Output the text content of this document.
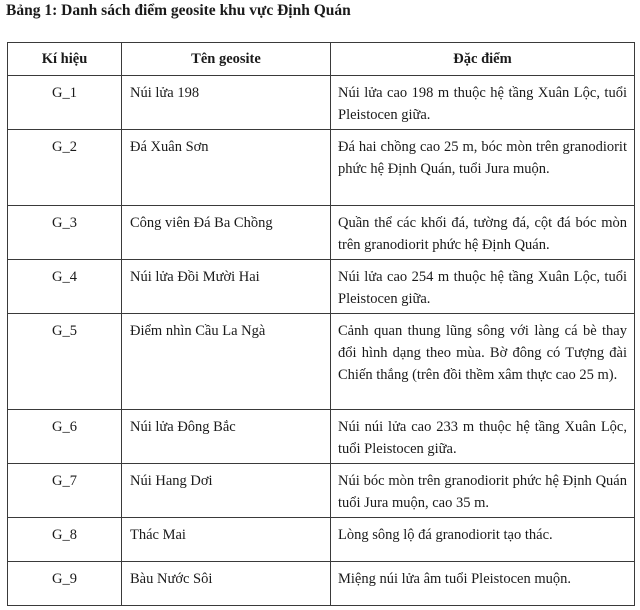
Bảng 1: Danh sách điểm geosite khu vực Định Quán
Kí hiệu	Tên geosite	Đặc điểm
G_1	Núi lửa 198	Núi lửa cao 198 m thuộc hệ tầng Xuân Lộc, tuổi Pleistocen giữa.
G_2	Đá Xuân Sơn	Đá hai chồng cao 25 m, bóc mòn trên granodiorit phức hệ Định Quán, tuổi Jura muộn.
G_3	Công viên Đá Ba Chồng	Quần thể các khối đá, tường đá, cột đá bóc mòn trên granodiorit phức hệ Định Quán.
G_4	Núi lửa Đồi Mười Hai	Núi lửa cao 254 m thuộc hệ tầng Xuân Lộc, tuổi Pleistocen giữa.
G_5	Điểm nhìn Cầu La Ngà	Cảnh quan thung lũng sông với làng cá bè thay đổi hình dạng theo mùa. Bờ đông có Tượng đài Chiến thắng (trên đồi thềm xâm thực cao 25 m).
G_6	Núi lửa Đông Bắc	Núi núi lửa cao 233 m thuộc hệ tầng Xuân Lộc, tuổi Pleistocen giữa.
G_7	Núi Hang Dơi	Núi bóc mòn trên granodiorit phức hệ Định Quán tuổi Jura muộn, cao 35 m.
G_8	Thác Mai	Lòng sông lộ đá granodiorit tạo thác.
G_9	Bàu Nước Sôi	Miệng núi lửa âm tuổi Pleistocen muộn.
